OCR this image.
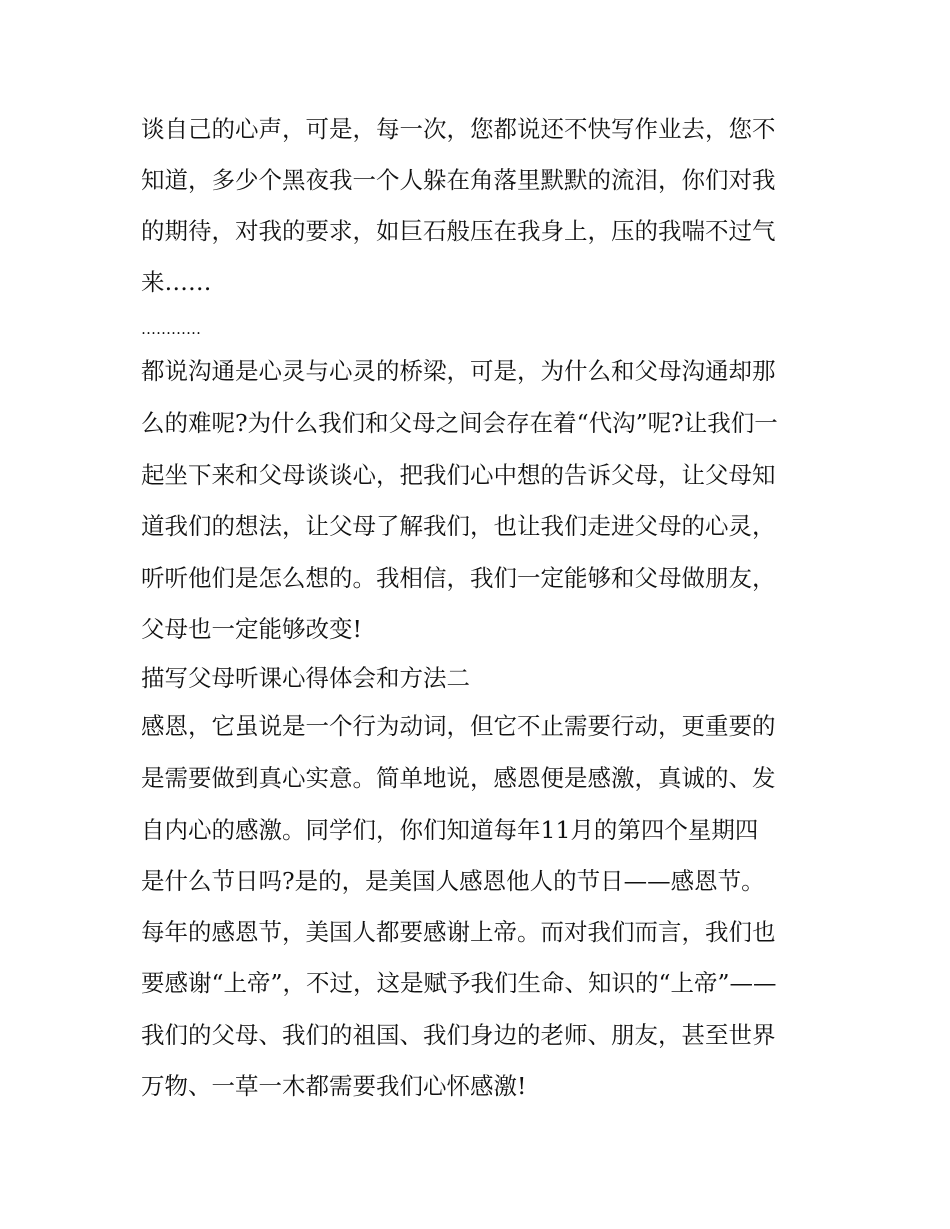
谈自己的心声，可是，每一次，您都说还不快写作业去，您不

知道，多少个黑夜我一个人躲在角落里默默的流泪，你们对我

的期待，对我的要求，如巨石般压在我身上，压的我喘不过气

来……

…………

都说沟通是心灵与心灵的桥梁，可是，为什么和父母沟通却那

么的难呢?为什么我们和父母之间会存在着“代沟”呢?让我们一

起坐下来和父母谈谈心，把我们心中想的告诉父母，让父母知

道我们的想法，让父母了解我们，也让我们走进父母的心灵，

听听他们是怎么想的。我相信，我们一定能够和父母做朋友，

父母也一定能够改变!

描写父母听课心得体会和方法二

感恩，它虽说是一个行为动词，但它不止需要行动，更重要的

是需要做到真心实意。简单地说，感恩便是感激，真诚的、发

自内心的感激。同学们，你们知道每年11月的第四个星期四

是什么节日吗?是的，是美国人感恩他人的节日——感恩节。

每年的感恩节，美国人都要感谢上帝。而对我们而言，我们也

要感谢“上帝”，不过，这是赋予我们生命、知识的“上帝”——

我们的父母、我们的祖国、我们身边的老师、朋友，甚至世界

万物、一草一木都需要我们心怀感激!
